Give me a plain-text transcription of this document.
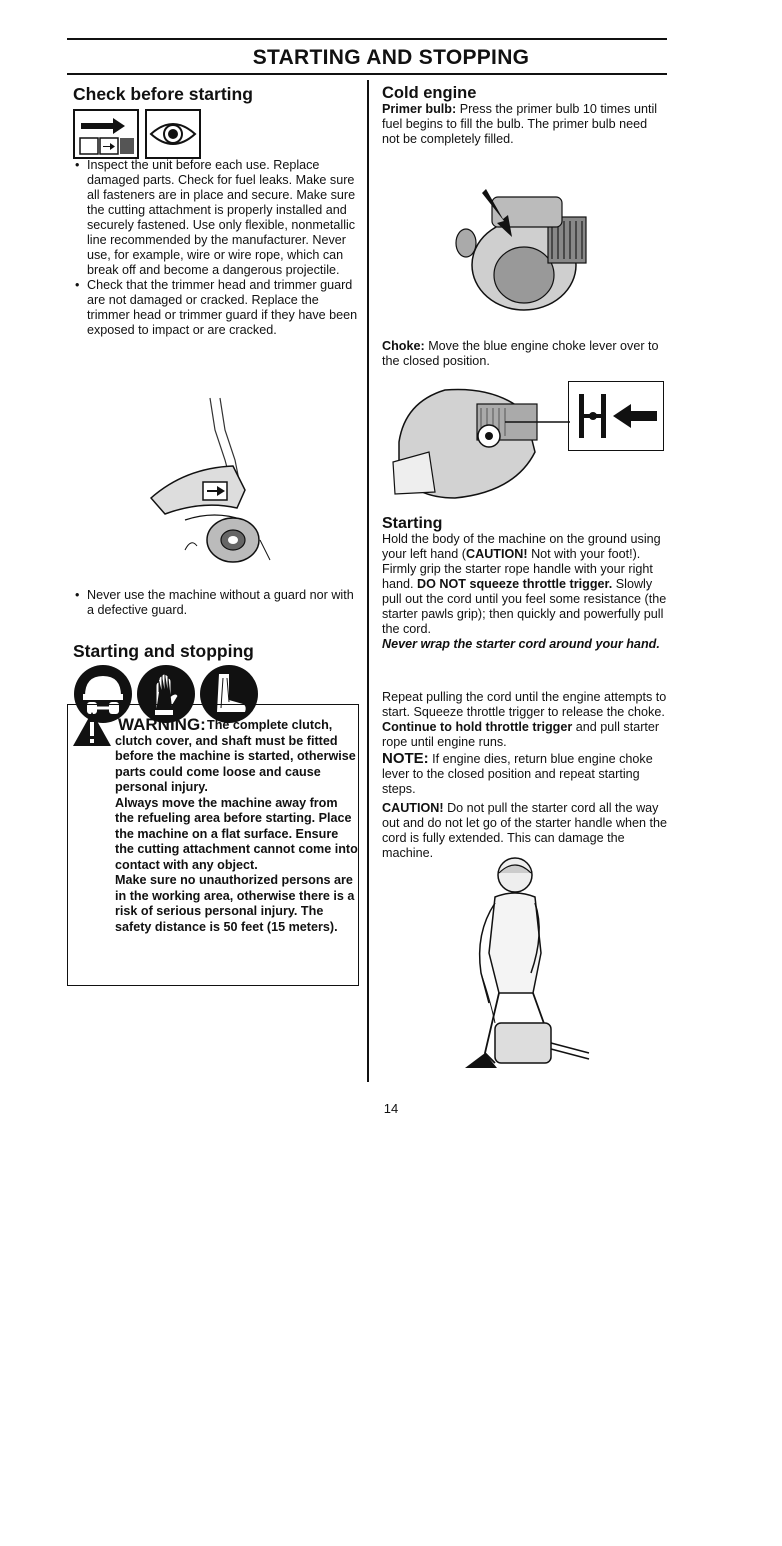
STARTING AND STOPPING
Check before starting
• Inspect the unit before each use. Replace damaged parts. Check for fuel leaks. Make sure all fasteners are in place and secure. Make sure the cutting attachment is properly installed and securely fastened. Use only flexible, nonmetallic line recommended by the manufacturer. Never use, for example, wire or wire rope, which can break off and become a dangerous projectile.
• Check that the trimmer head and trimmer guard are not damaged or cracked. Replace the trimmer head or trimmer guard if they have been exposed to impact or are cracked.
• Never use the machine without a guard nor with a defective guard.
Starting and stopping
WARNING: The complete clutch, clutch cover, and shaft must be fitted before the machine is started, otherwise parts could come loose and cause personal injury.

Always move the machine away from the refueling area before starting. Place the machine on a flat surface. Ensure the cutting attachment cannot come into contact with any object.

Make sure no unauthorized persons are in the working area, otherwise there is a risk of serious personal injury. The safety distance is 50 feet (15 meters).

Cold engine
Primer bulb: Press the primer bulb 10 times until fuel begins to fill the bulb. The primer bulb need not be completely filled.
Choke: Move the blue engine choke lever over to the closed position.
Starting
Hold the body of the machine on the ground using your left hand (CAUTION! Not with your foot!).
Firmly grip the starter rope handle with your right hand. DO NOT squeeze throttle trigger. Slowly pull out the cord until you feel some resistance (the starter pawls grip); then quickly and powerfully pull the cord.
Never wrap the starter cord around your hand.
Repeat pulling the cord until the engine attempts to start. Squeeze throttle trigger to release the choke. Continue to hold throttle trigger and pull starter rope until engine runs.
NOTE: If engine dies, return blue engine choke lever to the closed position and repeat starting steps.
CAUTION! Do not pull the starter cord all the way out and do not let go of the starter handle when the cord is fully extended. This can damage the machine.
14
